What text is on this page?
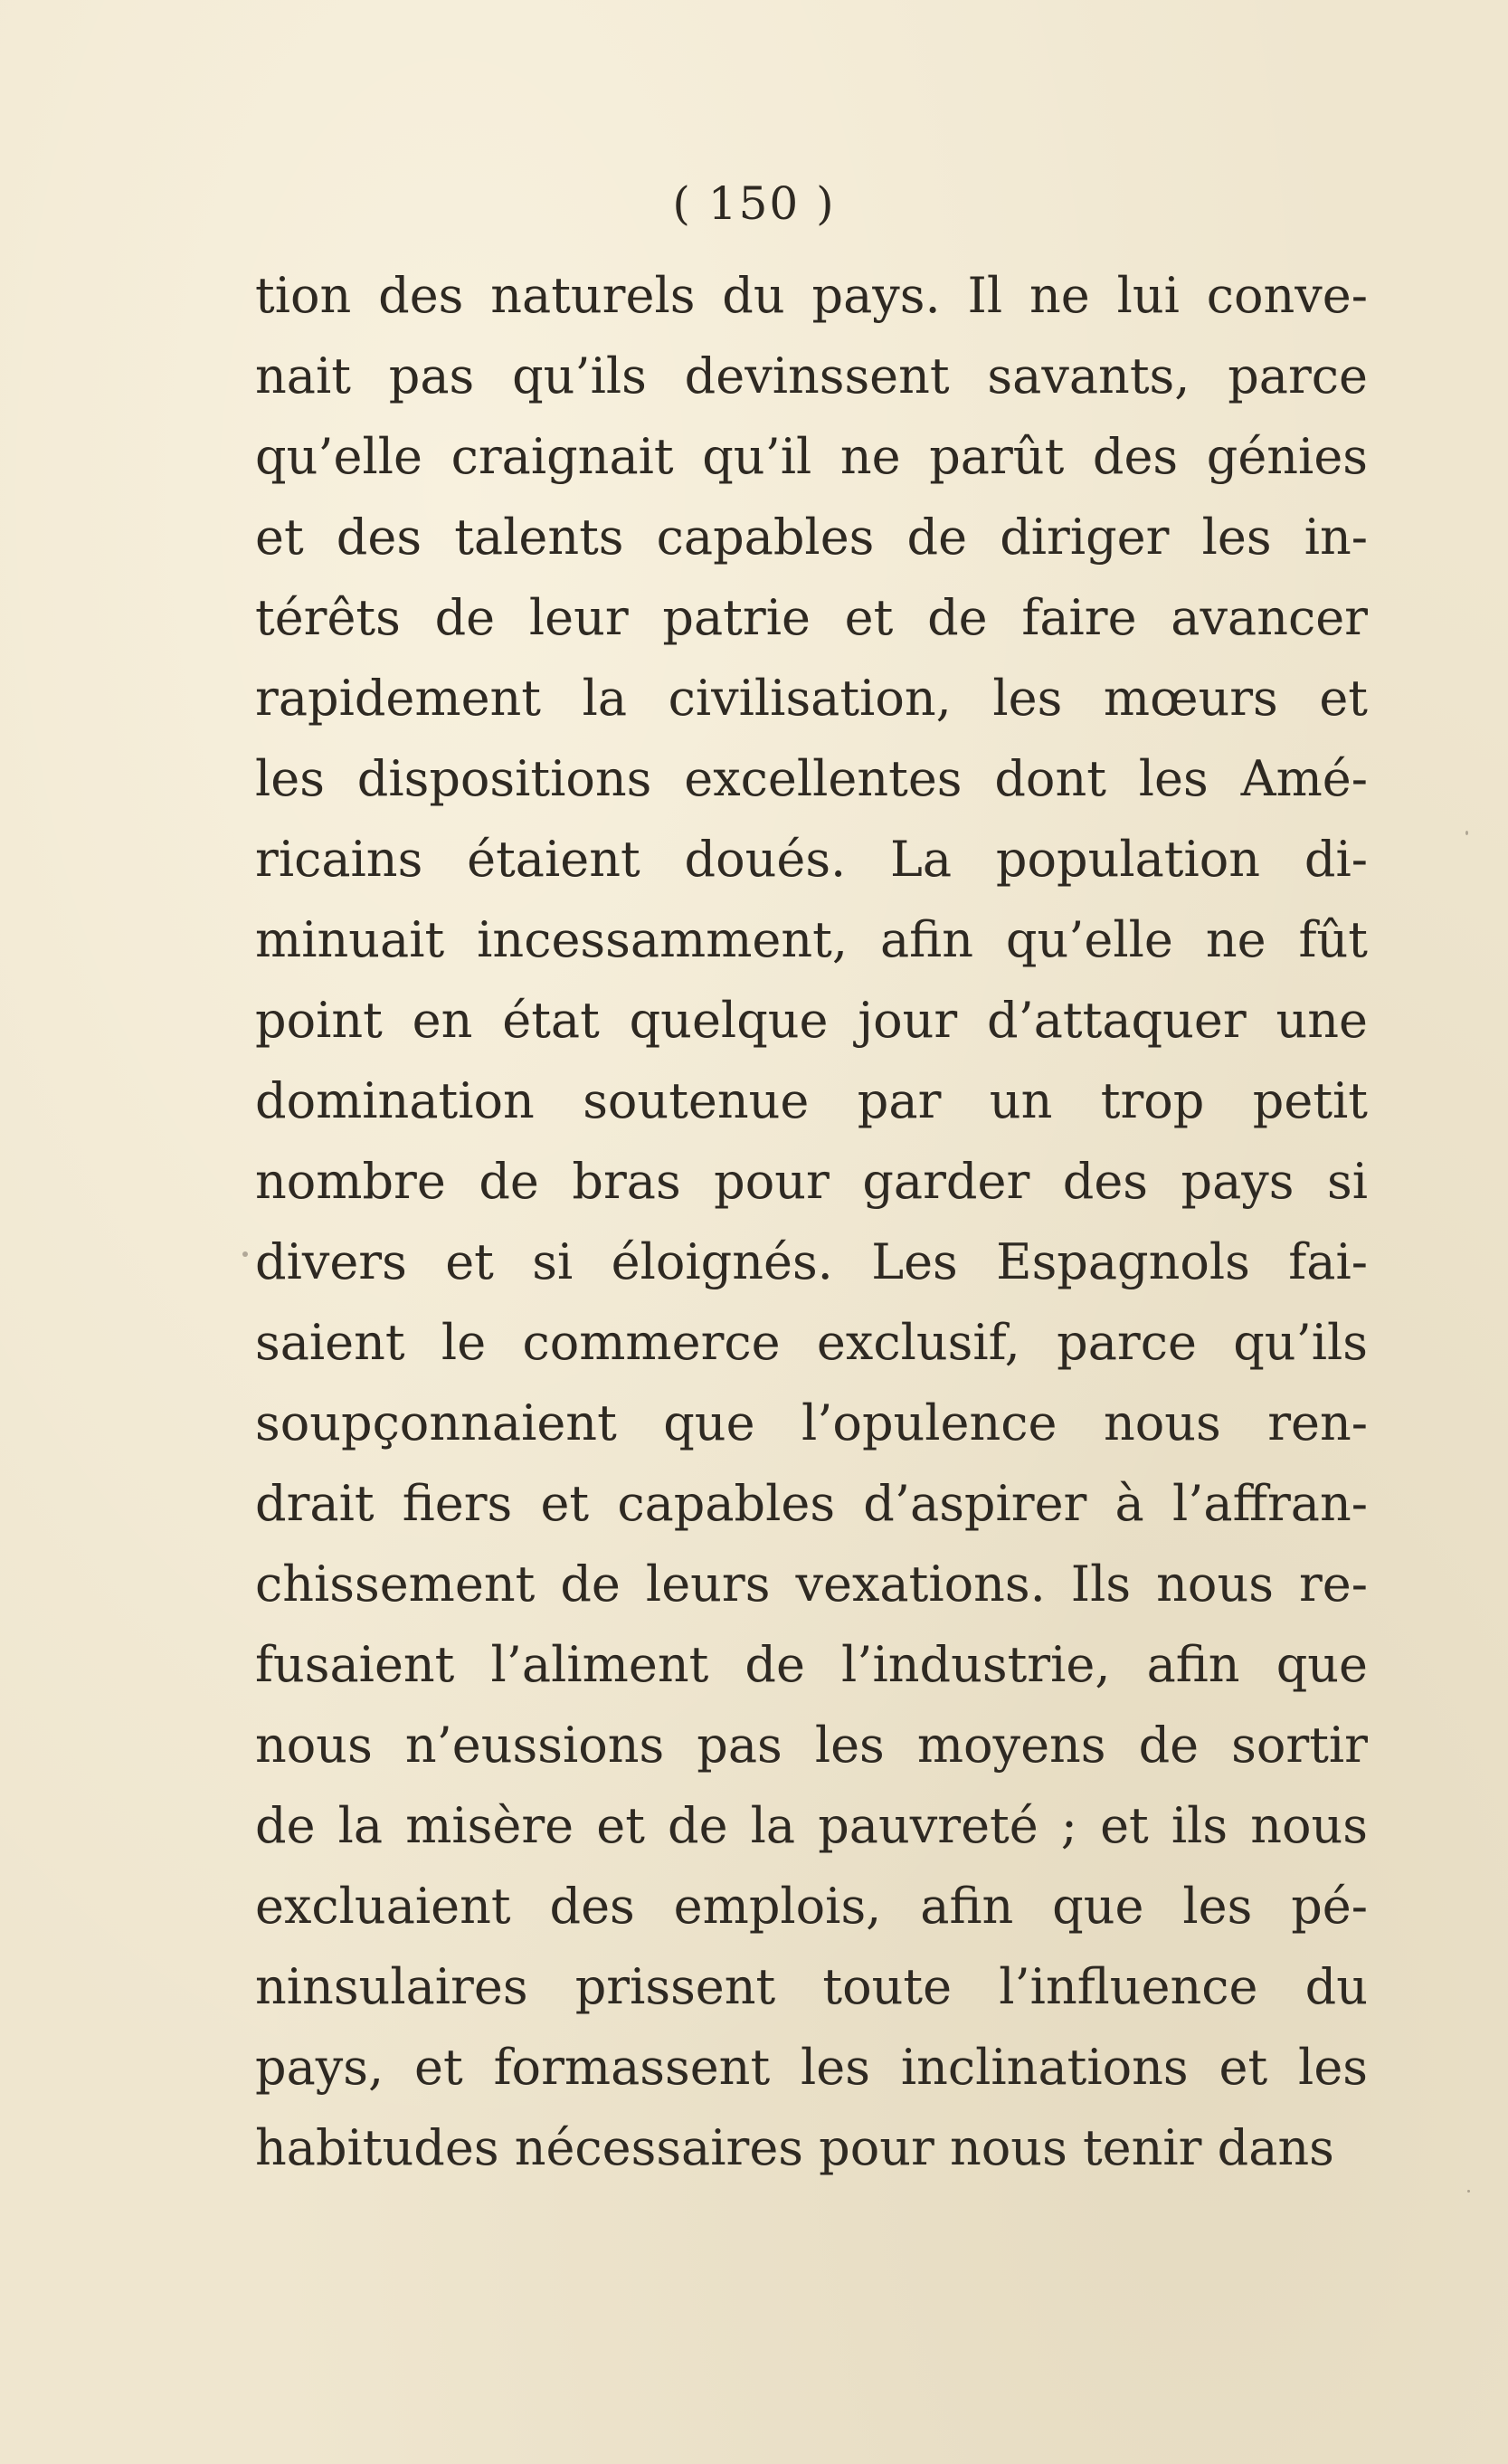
( 150 )
tion des naturels du pays. Il ne lui conve-
nait pas qu’ils devinssent savants, parce
qu’elle craignait qu’il ne parût des génies
et des talents capables de diriger les in-
térêts de leur patrie et de faire avancer
rapidement la civilisation, les mœurs et
les dispositions excellentes dont les Amé-
ricains étaient doués. La population di-
minuait incessamment, afin qu’elle ne fût
point en état quelque jour d’attaquer une
domination soutenue par un trop petit
nombre de bras pour garder des pays si
divers et si éloignés. Les Espagnols fai-
saient le commerce exclusif, parce qu’ils
soupçonnaient que l’opulence nous ren-
drait fiers et capables d’aspirer à l’affran-
chissement de leurs vexations. Ils nous re-
fusaient l’aliment de l’industrie, afin que
nous n’eussions pas les moyens de sortir
de la misère et de la pauvreté ; et ils nous
excluaient des emplois, afin que les pé-
ninsulaires prissent toute l’influence du
pays, et formassent les inclinations et les
habitudes nécessaires pour nous tenir dans
